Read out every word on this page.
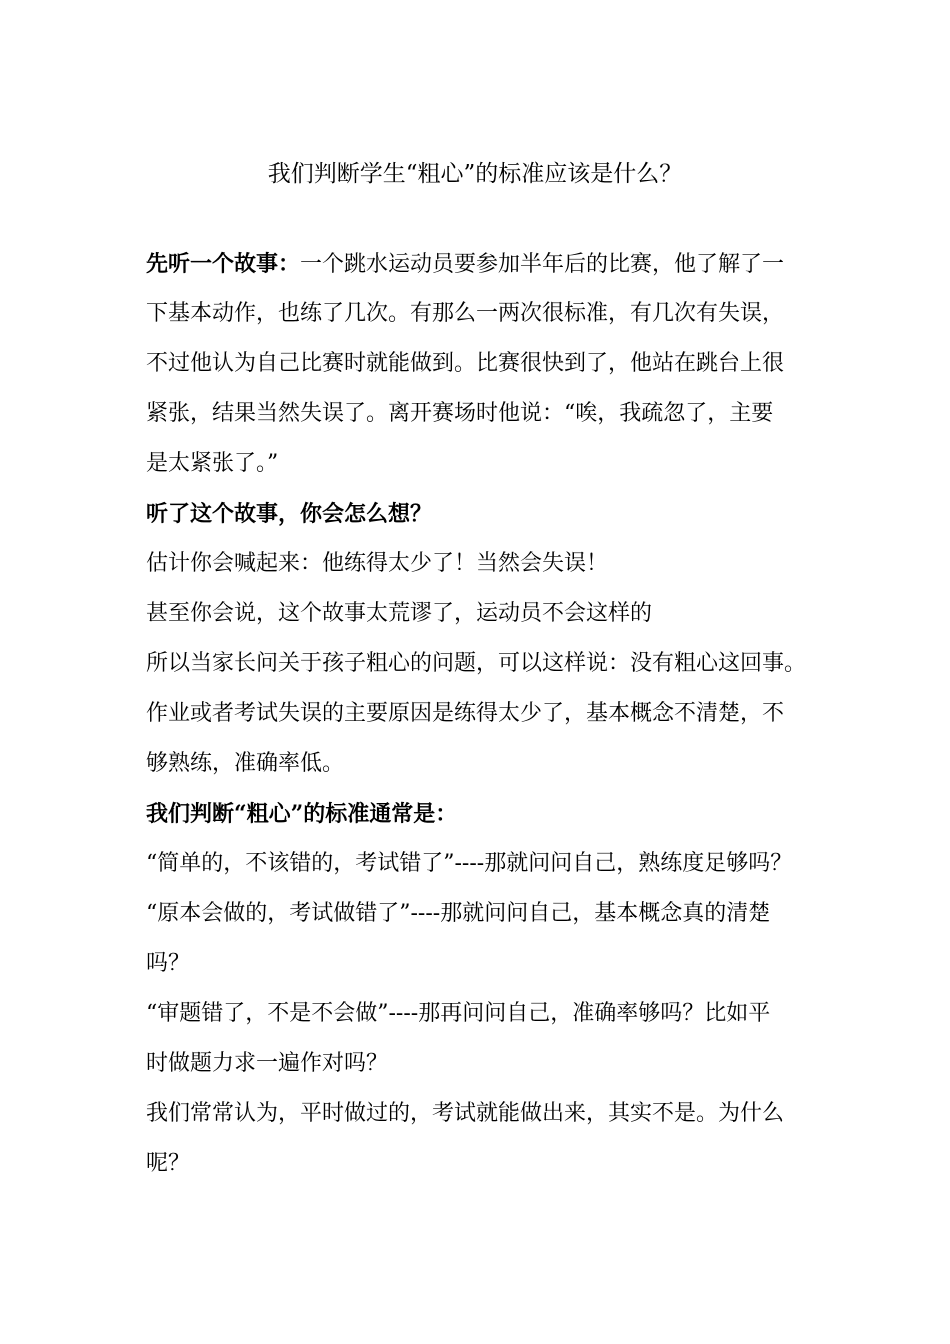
我们判断学生“粗心”的标准应该是什么？
先听一个故事：一个跳水运动员要参加半年后的比赛，他了解了一
下基本动作，也练了几次。有那么一两次很标准，有几次有失误，
不过他认为自己比赛时就能做到。比赛很快到了，他站在跳台上很
紧张，结果当然失误了。离开赛场时他说：“唉，我疏忽了，主要
是太紧张了。”
听了这个故事，你会怎么想？
估计你会喊起来：他练得太少了！当然会失误！
甚至你会说，这个故事太荒谬了，运动员不会这样的
所以当家长问关于孩子粗心的问题，可以这样说：没有粗心这回事。
作业或者考试失误的主要原因是练得太少了，基本概念不清楚，不
够熟练，准确率低。
我们判断“粗心”的标准通常是：
“简单的，不该错的，考试错了”----那就问问自己，熟练度足够吗？
“原本会做的，考试做错了”----那就问问自己，基本概念真的清楚
吗？
“审题错了，不是不会做”----那再问问自己，准确率够吗？比如平
时做题力求一遍作对吗？
我们常常认为，平时做过的，考试就能做出来，其实不是。为什么
呢？
